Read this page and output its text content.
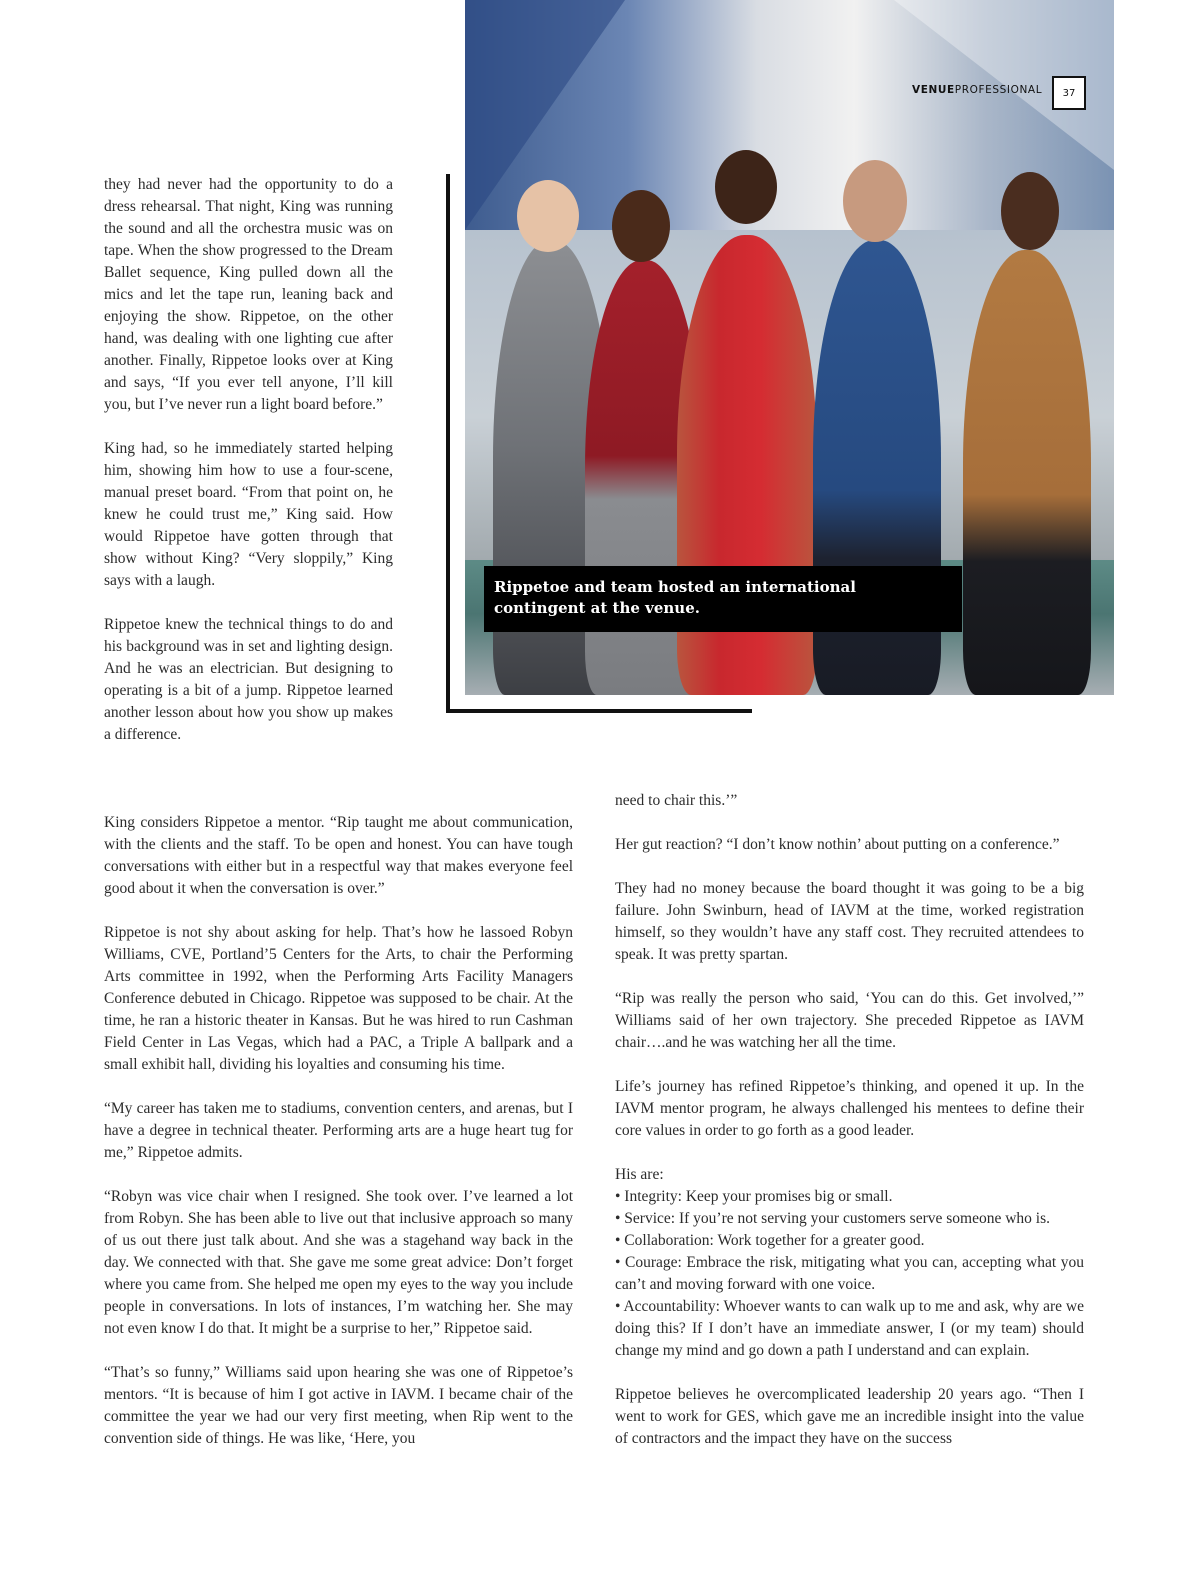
Rippetoe and team hosted an international contingent at the venue.
VENUEPROFESSIONAL	37

they had never had the opportunity to do a dress rehearsal. That night, King was running the sound and all the orchestra music was on tape. When the show progressed to the Dream Ballet sequence, King pulled down all the mics and let the tape run, leaning back and enjoying the show. Rippetoe, on the other hand, was dealing with one lighting cue after another. Finally, Rippetoe looks over at King and says, “If you ever tell anyone, I’ll kill you, but I’ve never run a light board before.”

King had, so he immediately started helping him, showing him how to use a four-scene, manual preset board. “From that point on, he knew he could trust me,” King said. How would Rippetoe have gotten through that show without King? “Very sloppily,” King says with a laugh.

Rippetoe knew the technical things to do and his background was in set and lighting design. And he was an electrician. But designing to operating is a bit of a jump. Rippetoe learned another lesson about how you show up makes a difference.

King considers Rippetoe a mentor. “Rip taught me about communication, with the clients and the staff. To be open and honest. You can have tough conversations with either but in a respectful way that makes everyone feel good about it when the conversation is over.”

Rippetoe is not shy about asking for help. That’s how he lassoed Robyn Williams, CVE, Portland’5 Centers for the Arts, to chair the Performing Arts committee in 1992, when the Performing Arts Facility Managers Conference debuted in Chicago. Rippetoe was supposed to be chair. At the time, he ran a historic theater in Kansas. But he was hired to run Cashman Field Center in Las Vegas, which had a PAC, a Triple A ballpark and a small exhibit hall, dividing his loyalties and consuming his time.

“My career has taken me to stadiums, convention centers, and arenas, but I have a degree in technical theater. Performing arts are a huge heart tug for me,” Rippetoe admits.

“Robyn was vice chair when I resigned. She took over. I’ve learned a lot from Robyn. She has been able to live out that inclusive approach so many of us out there just talk about. And she was a stagehand way back in the day. We connected with that. She gave me some great advice: Don’t forget where you came from. She helped me open my eyes to the way you include people in conversations. In lots of instances, I’m watching her. She may not even know I do that. It might be a surprise to her,” Rippetoe said.

“That’s so funny,” Williams said upon hearing she was one of Rippetoe’s mentors. “It is because of him I got active in IAVM. I became chair of the committee the year we had our very first meeting, when Rip went to the convention side of things. He was like, ‘Here, you

need to chair this.’”

Her gut reaction? “I don’t know nothin’ about putting on a conference.”

They had no money because the board thought it was going to be a big failure. John Swinburn, head of IAVM at the time, worked registration himself, so they wouldn’t have any staff cost. They recruited attendees to speak. It was pretty spartan.

“Rip was really the person who said, ‘You can do this. Get involved,’” Williams said of her own trajectory. She preceded Rippetoe as IAVM chair….and he was watching her all the time.

Life’s journey has refined Rippetoe’s thinking, and opened it up. In the IAVM mentor program, he always challenged his mentees to define their core values in order to go forth as a good leader.

His are:
• Integrity: Keep your promises big or small.
• Service: If you’re not serving your customers serve someone who is.
• Collaboration: Work together for a greater good.
• Courage: Embrace the risk, mitigating what you can, accepting what you can’t and moving forward with one voice.
• Accountability: Whoever wants to can walk up to me and ask, why are we doing this? If I don’t have an immediate answer, I (or my team) should change my mind and go down a path I understand and can explain.

Rippetoe believes he overcomplicated leadership 20 years ago. “Then I went to work for GES, which gave me an incredible insight into the value of contractors and the impact they have on the success
